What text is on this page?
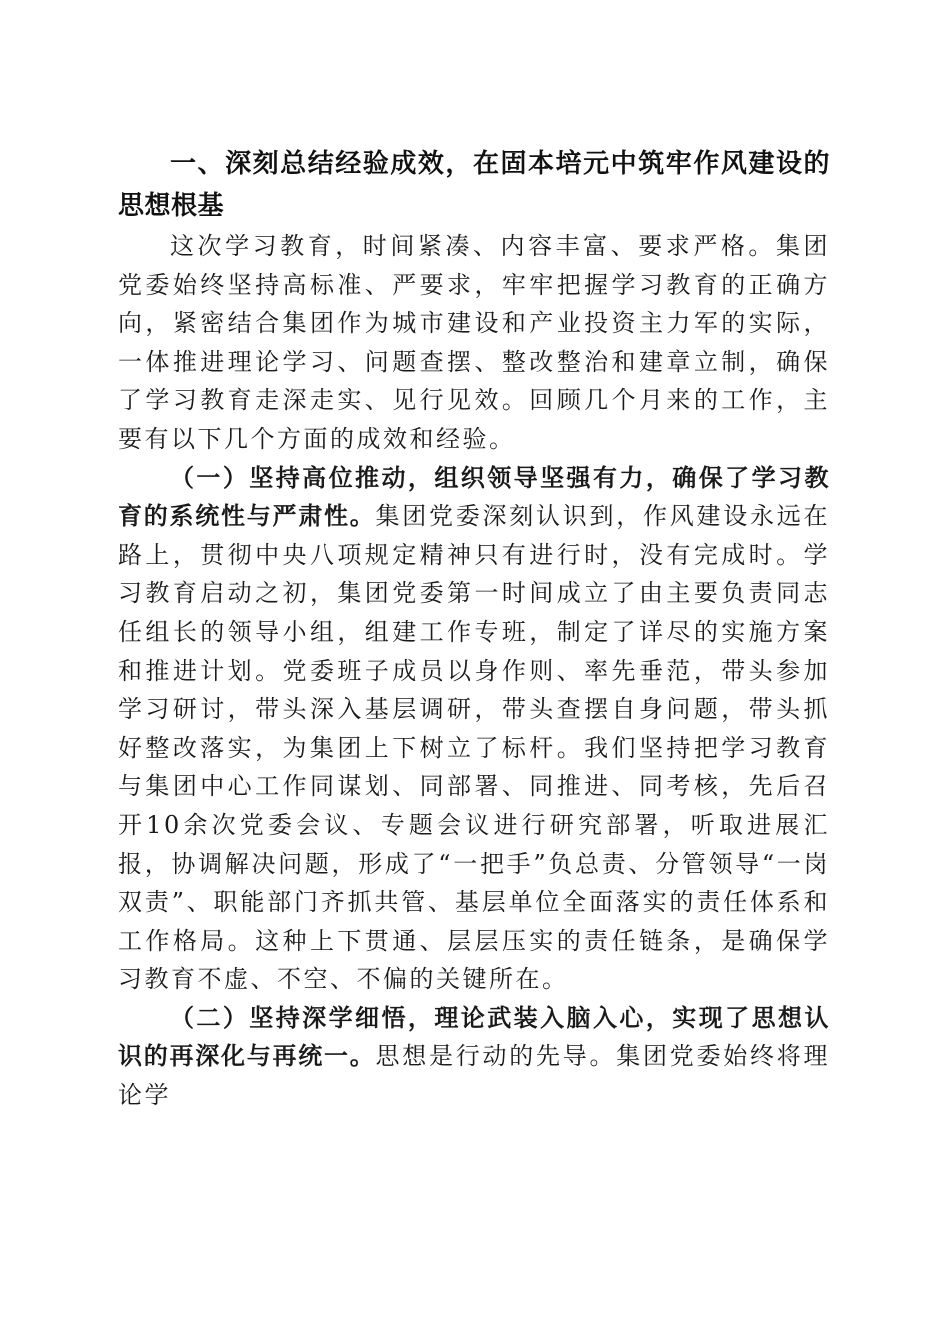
一、深刻总结经验成效，在固本培元中筑牢作风建设的思想根基

这次学习教育，时间紧凑、内容丰富、要求严格。集团党委始终坚持高标准、严要求，牢牢把握学习教育的正确方向，紧密结合集团作为城市建设和产业投资主力军的实际，一体推进理论学习、问题查摆、整改整治和建章立制，确保了学习教育走深走实、见行见效。回顾几个月来的工作，主要有以下几个方面的成效和经验。

（一）坚持高位推动，组织领导坚强有力，确保了学习教育的系统性与严肃性。集团党委深刻认识到，作风建设永远在路上，贯彻中央八项规定精神只有进行时，没有完成时。学习教育启动之初，集团党委第一时间成立了由主要负责同志任组长的领导小组，组建工作专班，制定了详尽的实施方案和推进计划。党委班子成员以身作则、率先垂范，带头参加学习研讨，带头深入基层调研，带头查摆自身问题，带头抓好整改落实，为集团上下树立了标杆。我们坚持把学习教育与集团中心工作同谋划、同部署、同推进、同考核，先后召开10余次党委会议、专题会议进行研究部署，听取进展汇报，协调解决问题，形成了“一把手”负总责、分管领导“一岗双责”、职能部门齐抓共管、基层单位全面落实的责任体系和工作格局。这种上下贯通、层层压实的责任链条，是确保学习教育不虚、不空、不偏的关键所在。

（二）坚持深学细悟，理论武装入脑入心，实现了思想认识的再深化与再统一。思想是行动的先导。集团党委始终将理论学
